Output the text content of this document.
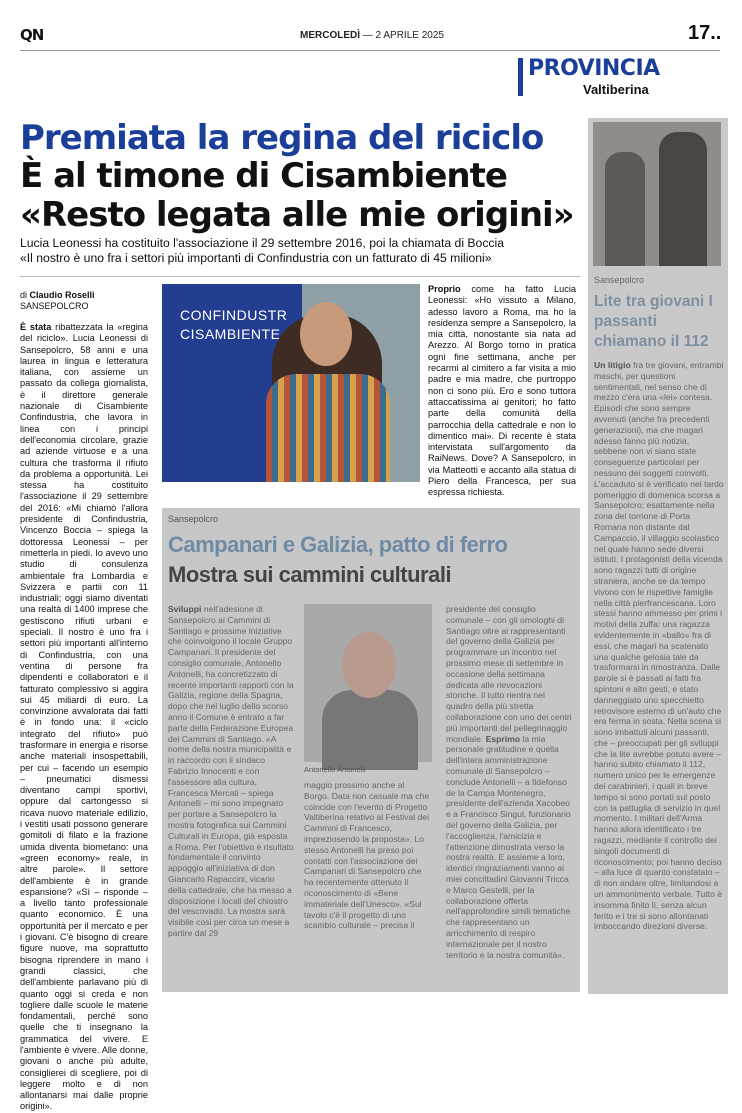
QN	MERCOLEDÌ — 2 APRILE 2025	17..
PROVINCIA
Valtiberina
Premiata la regina del riciclo
È al timone di Cisambiente
«Resto legata alle mie origini»
Lucia Leonessi ha costituito l'associazione il 29 settembre 2016, poi la chiamata di Boccia
«Il nostro è uno fra i settori più importanti di Confindustria con un fatturato di 45 milioni»
di Claudio Roselli
SANSEPOLCRO

È stata ribattezzata la «regina del riciclo». Lucia Leonessi di Sansepolcro, 58 anni e una laurea in lingua e letteratura italiana, con assieme un passato da collega giornalista, è il direttore generale nazionale di Cisambiente Confindustria, che lavora in linea con i principi dell'economia circolare, grazie ad aziende virtuose e a una cultura che trasforma il rifiuto da problema a opportunità. Lei stessa ha costituito l'associazione il 29 settembre del 2016: «Mi chiamò l'allora presidente di Confindustria, Vincenzo Boccia – spiega la dottoressa Leonessi – per rimetterla in piedi. Io avevo uno studio di consulenza ambientale fra Lombardia e Svizzera e partii con 11 industriali; oggi siamo diventati una realtà di 1400 imprese che gestiscono rifiuti urbani e speciali. Il nostro è uno fra i settori più importanti all'interno di Confindustria, con una ventina di persone fra dipendenti e collaboratori e il fatturato complessivo si aggira sui 45 miliardi di euro. La convinzione avvalorata dai fatti è in fondo una: il «ciclo integrato del rifiuto» può trasformare in energia e risorse anche materiali insospettabili, per cui – facendo un esempio – pneumatici dismessi diventano campi sportivi, oppure dal cartongesso si ricava nuovo materiale edilizio, i vestiti usati possono generare gomitoli di filato e la frazione umida diventa biometano: una «green economy» reale, in altre parole». Il settore dell'ambiente è in grande espansione? «Sì – risponde – a livello tanto professionale quanto economico. È una opportunità per il mercato e per i giovani. C'è bisogno di creare figure nuove, ma soprattutto bisogna riprendere in mano i grandi classici, che dell'ambiente parlavano più di quanto oggi si creda e non togliere dalle scuole le materie fondamentali, perché sono quelle che ti insegnano la grammatica del vivere. E l'ambiente è vivere. Alle donne, giovani o anche più adulte, consiglierei di scegliere, poi di leggere molto e di non allontanarsi mai dalle proprie origini».

CONFINDUSTR
CISAMBIENTE

Proprio come ha fatto Lucia Leonessi: «Ho vissuto a Milano, adesso lavoro a Roma, ma ho la residenza sempre a Sansepolcro, la mia città, nonostante sia nata ad Arezzo. Al Borgo torno in pratica ogni fine settimana, anche per recarmi al cimitero a far visita a mio padre e mia madre, che purtroppo non ci sono più. Ero e sono tuttora attaccatissima ai genitori; ho fatto parte della comunità della parrocchia della cattedrale e non lo dimentico mai». Di recente è stata intervistata sull'argomento da RaiNews. Dove? A Sansepolcro, in via Matteotti e accanto alla statua di Piero della Francesca, per sua espressa richiesta.

Sansepolcro
Campanari e Galizia, patto di ferro
Mostra sui cammini culturali
Sviluppi nell'adesione di Sansepolcro ai Cammini di Santiago e prossime iniziative che coinvolgono il locale Gruppo Campanari. Il presidente del consiglio comunale, Antonello Antonelli, ha concretizzato di recente importanti rapporti con la Galizia, regione della Spagna, dopo che nel luglio dello scorso anno il Comune è entrato a far parte della Federazione Europea dei Cammini di Santiago. «A nome della nostra municipalità e in raccordo con il sindaco Fabrizio Innocenti e con l'assessore alla cultura, Francesca Mercati – spiega Antonelli – mi sono impegnato per portare a Sansepolcro la mostra fotografica sui Cammini Culturali in Europa, già esposta a Roma. Per l'obiettivo è risultato fondamentale il convinto appoggio all'iniziativa di don Giancarlo Rapaccini, vicario della cattedrale, che ha messo a disposizione i locali del chiostro del vescovado. La mostra sarà visibile cosi per circa un mese a partire dal 29
Antonello Antonelli
maggio prossimo anche al Borgo. Data non casuale ma che coincide con l'evento di Progetto Valtiberina relativo al Festival dei Cammini di Francesco, impreziosendo la proposta». Lo stesso Antonelli ha preso poi contatti con l'associazione dei Campanari di Sansepolcro che ha recentemente ottenuto il riconoscimento di «Bene immateriale dell'Unesco». «Sul tavolo c'è il progetto di uno scambio culturale – precisa il
presidente del consiglio comunale – con gli omologhi di Santiago oltre ai rappresentanti del governo della Galizia per programmare un incontro nel prossimo mese di settembre in occasione della settimana dedicata alle rievocazioni storiche. Il tutto rientra nel quadro della più stretta collaborazione con uno dei centri più importanti del pellegrinaggio mondiale. Esprimo la mia personale gratitudine e quella dell'intera amministrazione comunale di Sansepolcro – conclude Antonelli – a Ildefonso de la Campa Montenegro, presidente dell'azienda Xacobeo e a Francisco Singul, funzionario del governo della Galizia, per l'accoglienza, l'amicizia e l'attenzione dimostrata verso la nostra realtà. E assieme a loro, identici ringraziamenti vanno ai miei concittadini Giovanni Tricca e Marco Gestelli, per la collaborazione offerta nell'approfondire simili tematiche che rappresentano un arricchimento di respiro internazionale per il nostro territorio e la nostra comunità».
Sansepolcro
Lite tra giovani I passanti chiamano il 112
Un litigio fra tre giovani, entrambi maschi, per questioni sentimentali, nel senso che di mezzo c'era una «lei» contesa. Episodi che sono sempre avvenuti (anche fra precedenti generazioni), ma che magari adesso fanno più notizia, sebbene non vi siano state conseguenze particolari per nessuno dei soggetti coinvolti. L'accaduto si è verificato nel tardo pomeriggio di domenica scorsa a Sansepolcro; esattamente nella zona del torrione di Porta Romana non distante dal Campaccio, il villaggio scolastico nel quale hanno sede diversi istituti. I protagonisti della vicenda sono ragazzi tutti di origine straniera, anche se da tempo vivono con le rispettive famiglie nella città pierfrancescana. Loro stessi hanno ammesso per primi i motivi della zuffa: una ragazza evidentemente in «ballo» fra di essi, che magari ha scatenato una qualche gelosia tale da trasformarsi in rimostranza. Dalle parole si è passati ai fatti fra spintoni e altri gesti, e stato danneggiato uno specchietto retrovisore esterno di un'auto che era ferma in sosta. Nella scena si sono imbattuti alcuni passanti, che – preoccupati per gli sviluppi che la lite avrebbe potuto avere – hanno subito chiamato il 112, numero unico per le emergenze dei carabinieri, i quali in breve tempo si sono portati sul posto con la pattuglia di servizio in quel momento. I militari dell'Arma hanno allora identificato i tre ragazzi, mediante il controllo dei singoli documenti di riconoscimento; poi hanno deciso – alla luce di quanto constatato – di non andare oltre, limitandosi a un ammonimento verbale. Tutto è insomma finito lì, senza alcun ferito e i tre si sono allontanati imboccando direzioni diverse.
